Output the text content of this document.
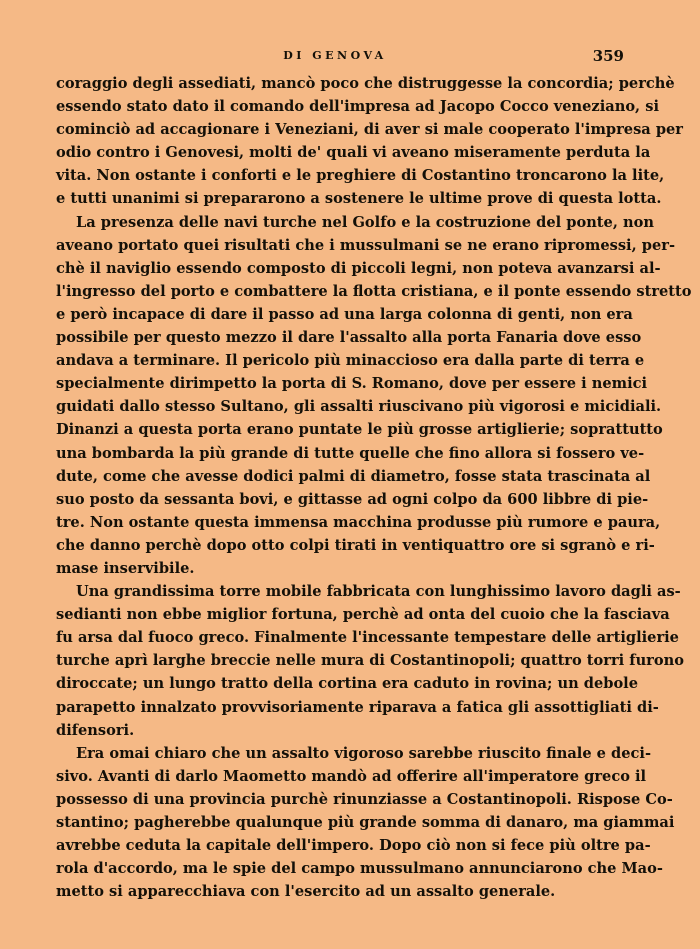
DI GENOVA	359
coraggio degli assediati, mancò poco che distruggesse la concordia; perchè
essendo stato dato il comando dell'impresa ad Jacopo Cocco veneziano, si
cominciò ad accagionare i Veneziani, di aver si male cooperato l'impresa per
odio contro i Genovesi, molti de' quali vi aveano miseramente perduta la
vita. Non ostante i conforti e le preghiere di Costantino troncarono la lite,
e tutti unanimi si prepararono a sostenere le ultime prove di questa lotta.
La presenza delle navi turche nel Golfo e la costruzione del ponte, non
aveano portato quei risultati che i mussulmani se ne erano ripromessi, per-
chè il naviglio essendo composto di piccoli legni, non poteva avanzarsi al-
l'ingresso del porto e combattere la flotta cristiana, e il ponte essendo stretto
e però incapace di dare il passo ad una larga colonna di genti, non era
possibile per questo mezzo il dare l'assalto alla porta Fanaria dove esso
andava a terminare. Il pericolo più minaccioso era dalla parte di terra e
specialmente dirimpetto la porta di S. Romano, dove per essere i nemici
guidati dallo stesso Sultano, gli assalti riuscivano più vigorosi e micidiali.
Dinanzi a questa porta erano puntate le più grosse artiglierie; soprattutto
una bombarda la più grande di tutte quelle che fino allora si fossero ve-
dute, come che avesse dodici palmi di diametro, fosse stata trascinata al
suo posto da sessanta bovi, e gittasse ad ogni colpo da 600 libbre di pie-
tre. Non ostante questa immensa macchina produsse più rumore e paura,
che danno perchè dopo otto colpi tirati in ventiquattro ore si sgranò e ri-
mase inservibile.
Una grandissima torre mobile fabbricata con lunghissimo lavoro dagli as-
sedianti non ebbe miglior fortuna, perchè ad onta del cuoio che la fasciava
fu arsa dal fuoco greco. Finalmente l'incessante tempestare delle artiglierie
turche aprì larghe breccie nelle mura di Costantinopoli; quattro torri furono
diroccate; un lungo tratto della cortina era caduto in rovina; un debole
parapetto innalzato provvisoriamente riparava a fatica gli assottigliati di-
difensori.
Era omai chiaro che un assalto vigoroso sarebbe riuscito finale e deci-
sivo. Avanti di darlo Maometto mandò ad offerire all'imperatore greco il
possesso di una provincia purchè rinunziasse a Costantinopoli. Rispose Co-
stantino; pagherebbe qualunque più grande somma di danaro, ma giammai
avrebbe ceduta la capitale dell'impero. Dopo ciò non si fece più oltre pa-
rola d'accordo, ma le spie del campo mussulmano annunciarono che Mao-
metto si apparecchiava con l'esercito ad un assalto generale.
